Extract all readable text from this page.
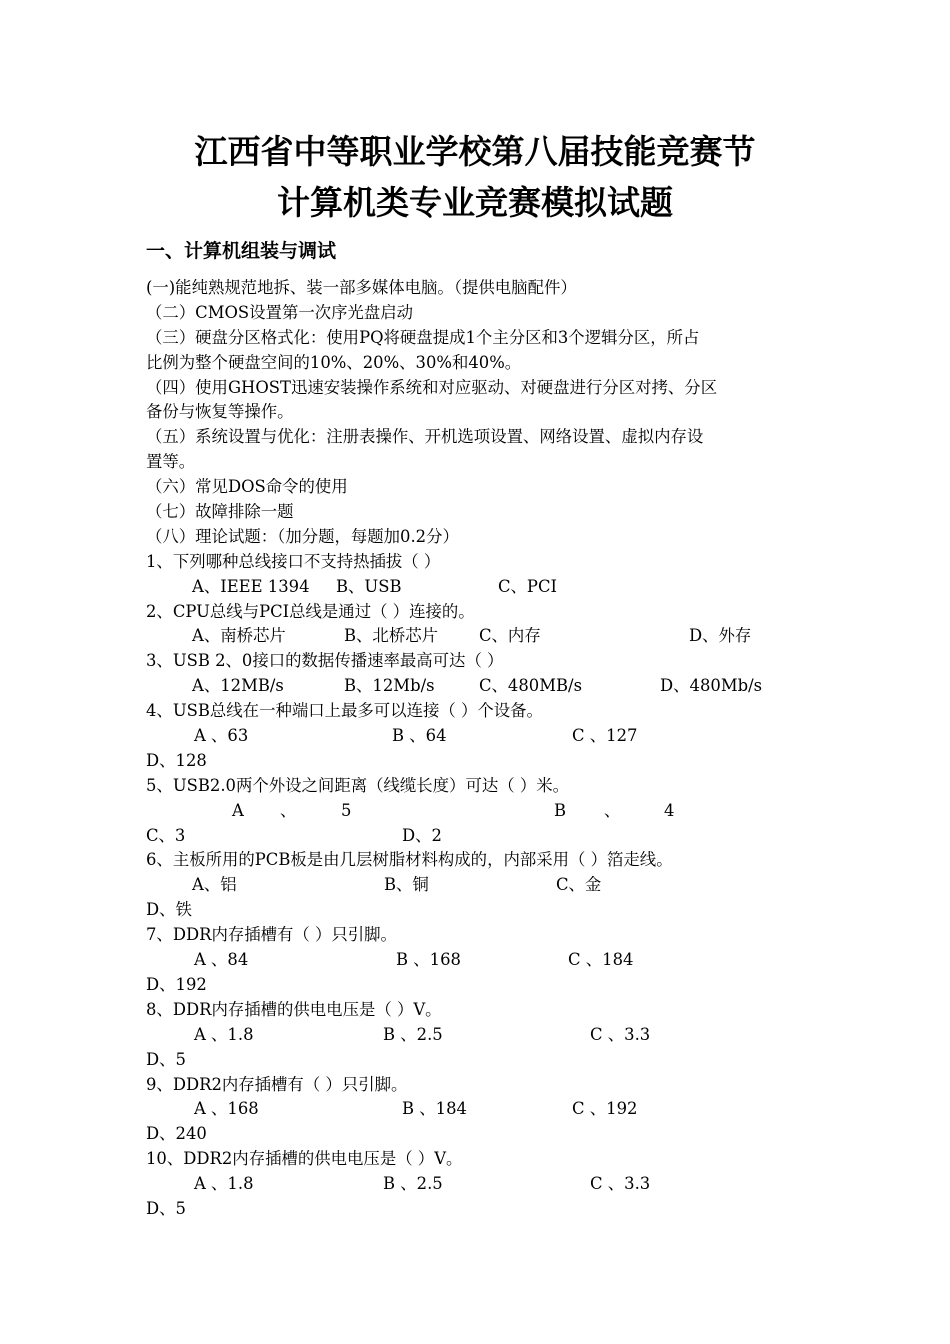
江西省中等职业学校第八届技能竞赛节
计算机类专业竞赛模拟试题
一、计算机组装与调试
(一)能纯熟规范地拆、装一部多媒体电脑。（提供电脑配件）
（二）CMOS设置第一次序光盘启动
（三）硬盘分区格式化：使用PQ将硬盘提成1个主分区和3个逻辑分区，所占
比例为整个硬盘空间的10%、20%、30%和40%。
（四）使用GHOST迅速安装操作系统和对应驱动、对硬盘进行分区对拷、分区
备份与恢复等操作。
（五）系统设置与优化：注册表操作、开机选项设置、网络设置、虚拟内存设
置等。
（六）常见DOS命令的使用
（七）故障排除一题
（八）理论试题：（加分题，每题加0.2分）
1、下列哪种总线接口不支持热插拔（ ）
A、IEEE 1394 B、USB	C、PCI
2、CPU总线与PCI总线是通过（ ）连接的。
A、南桥芯片	B、北桥芯片	C、内存	D、外存
3、USB 2、0接口的数据传播速率最高可达（ ）
A、12MB/s	B、12Mb/s	C、480MB/s	D、480Mb/s
4、USB总线在一种端口上最多可以连接（ ）个设备。
A 、63	B 、64	C 、127
D、128
5、USB2.0两个外设之间距离（线缆长度）可达（ ）米。
A 、	5	B 、	4
C、3	D、2
6、主板所用的PCB板是由几层树脂材料构成的，内部采用（ ）箔走线。
A、铝	B、铜	C、金
D、铁
7、DDR内存插槽有（ ）只引脚。
A 、84	B 、168	C 、184
D、192
8、DDR内存插槽的供电电压是（ ）V。
A 、1.8	B 、2.5	C 、3.3
D、5
9、DDR2内存插槽有（ ）只引脚。
A 、168	B 、184	C 、192
D、240
10、DDR2内存插槽的供电电压是（ ）V。
A 、1.8	B 、2.5	C 、3.3
D、5
